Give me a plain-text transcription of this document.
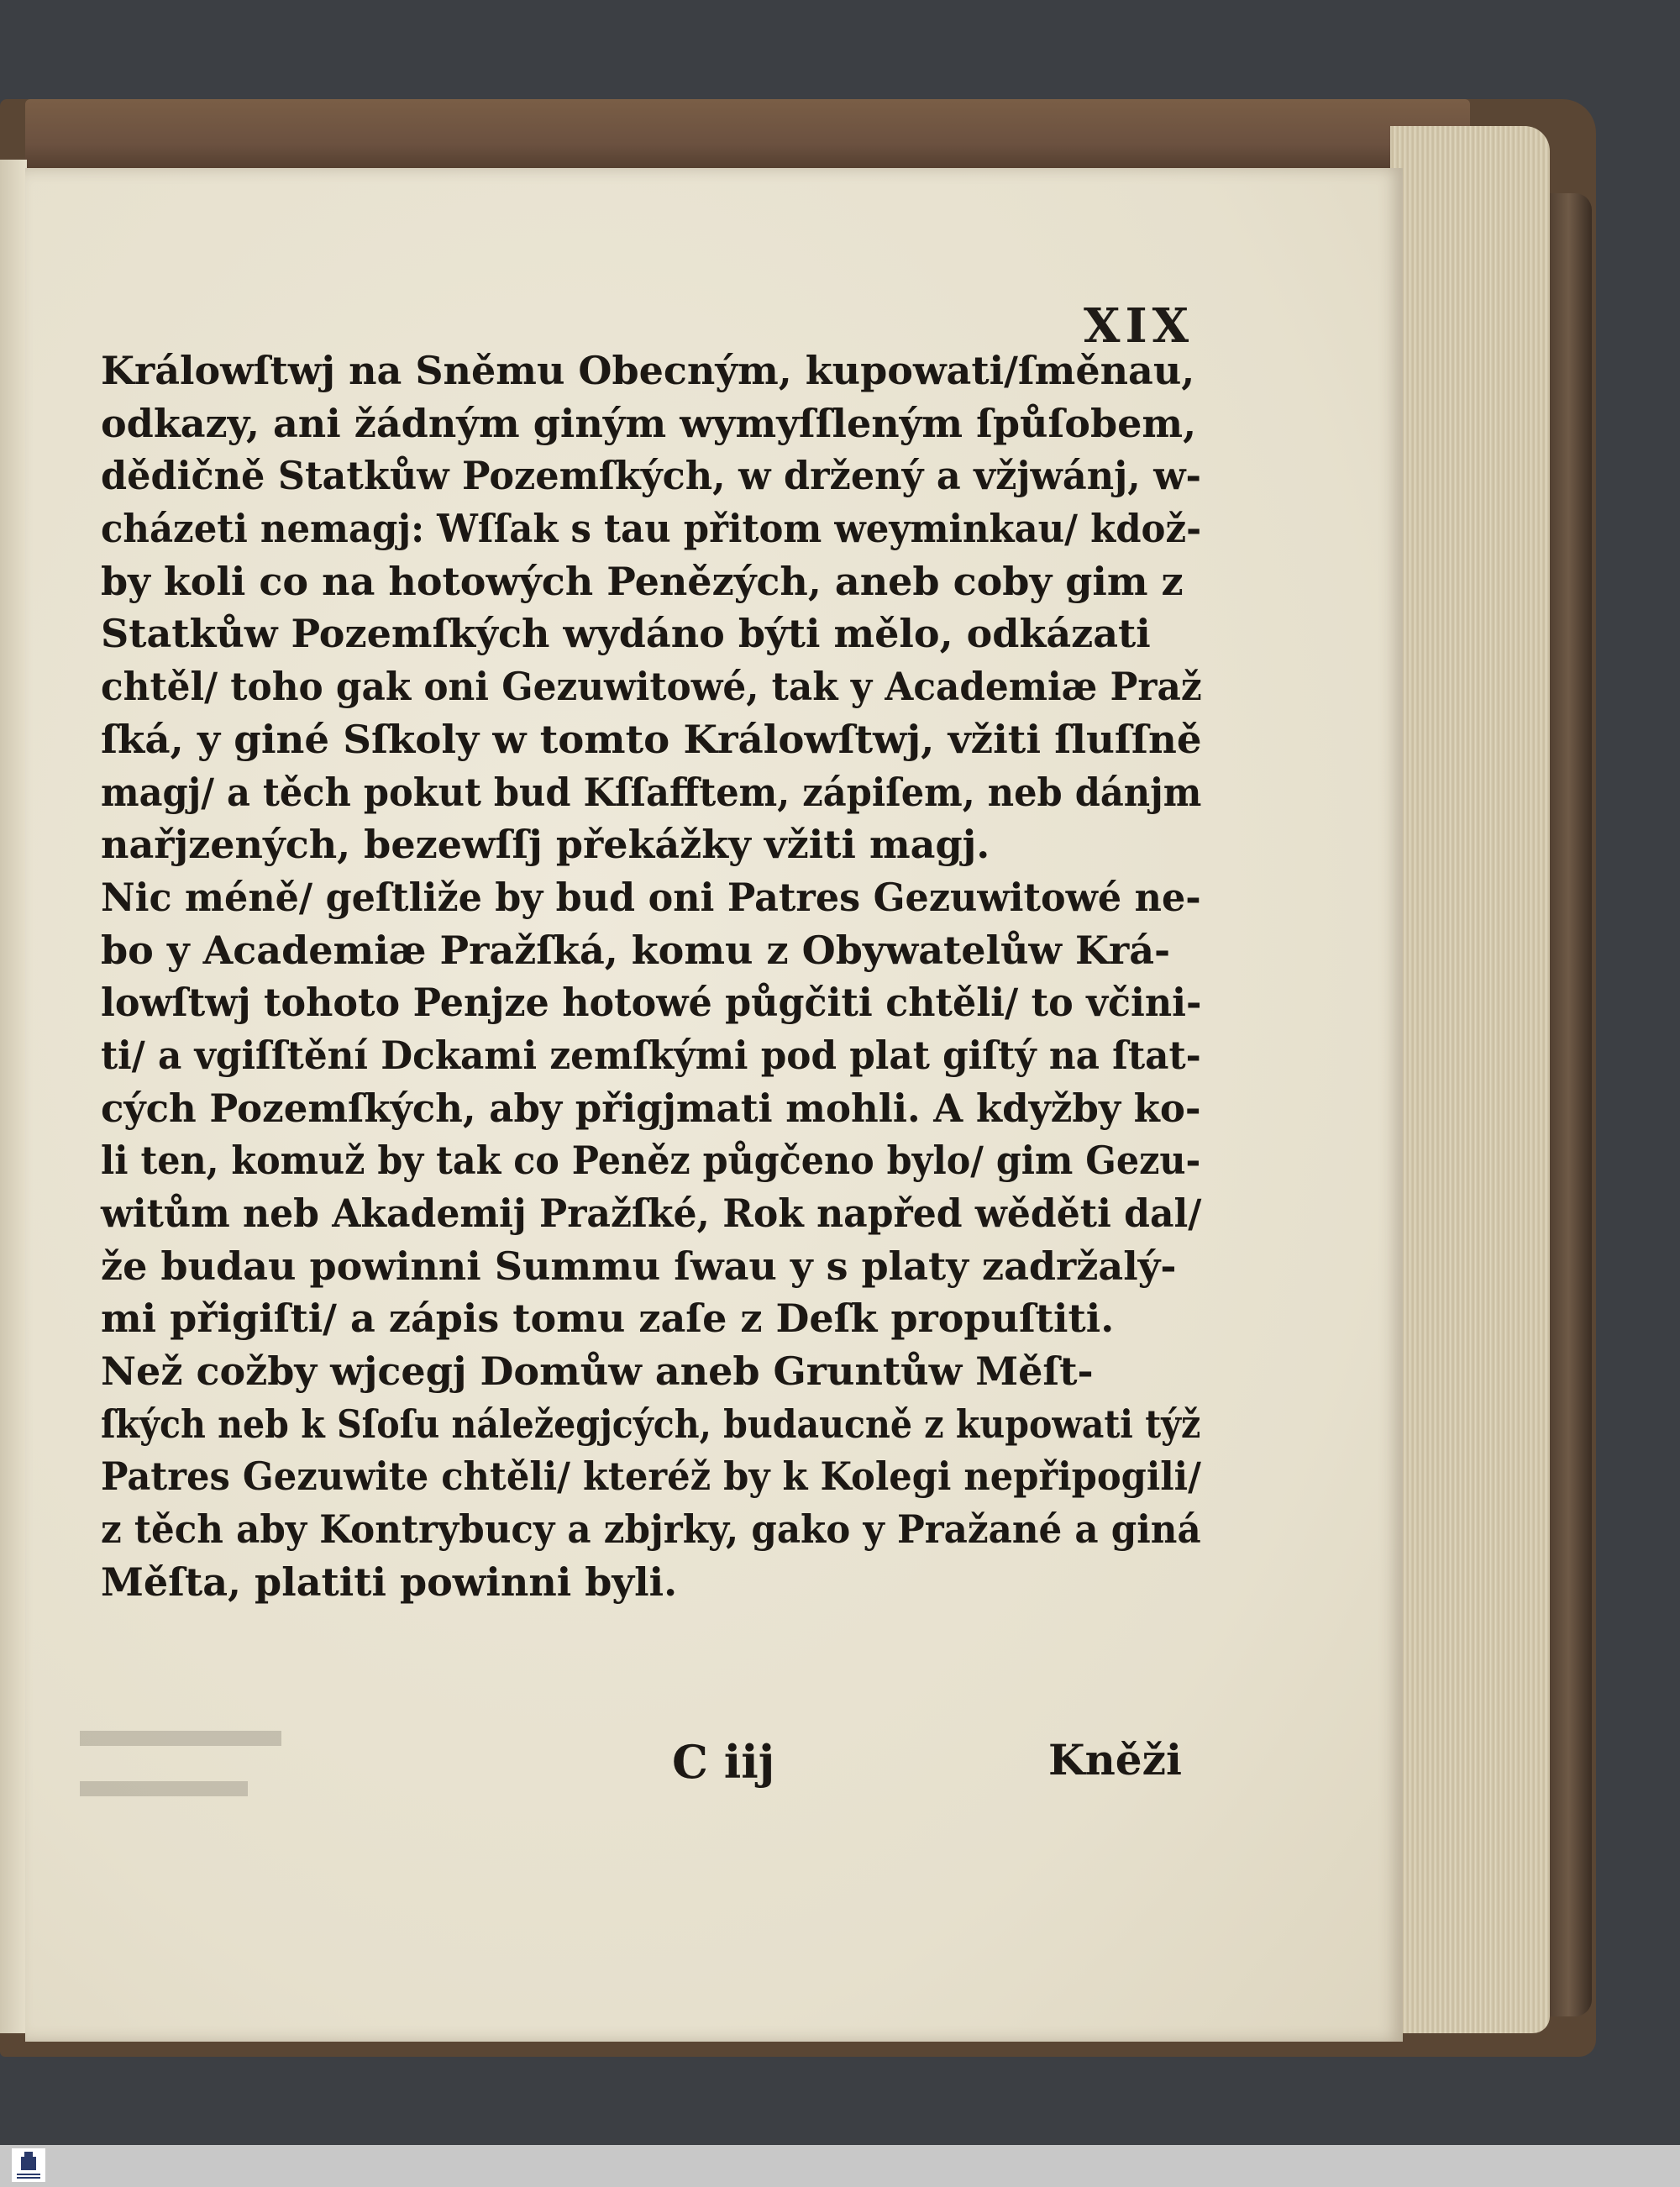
XIX
Králowſtwj na Sněmu Obecným, kupowati/ſměnau,
odkazy, ani žádným giným wymyſſleným ſpůſobem,
dědičně Statkůw Pozemſkých, w držený a vžjwánj, w-
cházeti nemagj: Wſſak s tau přitom weyminkau/ kdož-
by koli co na hotowých Penězých, aneb coby gim z
Statkůw Pozemſkých wydáno býti mělo, odkázati
chtěl/ toho gak oni Gezuwitowé, tak y Academiæ Praž
ſká, y giné Sſkoly w tomto Králowſtwj, vžiti ſluſſně
magj/ a těch pokut bud Kſſafftem, zápiſem, neb dánjm
nařjzených, bezewſſj překážky vžiti magj.
Nic méně/ geſtliže by bud oni Patres Gezuwitowé ne-
bo y Academiæ Pražſká, komu z Obywatelůw Krá-
lowſtwj tohoto Penjze hotowé půgčiti chtěli/ to včini-
ti/ a vgiſſtění Dckami zemſkými pod plat giſtý na ſtat-
cých Pozemſkých, aby přigjmati mohli. A kdyžby ko-
li ten, komuž by tak co Peněz půgčeno bylo/ gim Gezu-
witům neb Akademij Pražſké, Rok napřed wěděti dal/
že budau powinni Summu ſwau y s platy zadržalý-
mi přigiſti/ a zápis tomu zaſe z Deſk propuſtiti.
Než cožby wjcegj Domůw aneb Gruntůw Měſt-
ſkých neb k Sſoſu náležegjcých, budaucně z kupowati týž
Patres Gezuwite chtěli/ kteréž by k Kolegi nepřipogili/
z těch aby Kontrybucy a zbjrky, gako y Pražané a giná
Měſta, platiti powinni byli.
C iij	Kněži
